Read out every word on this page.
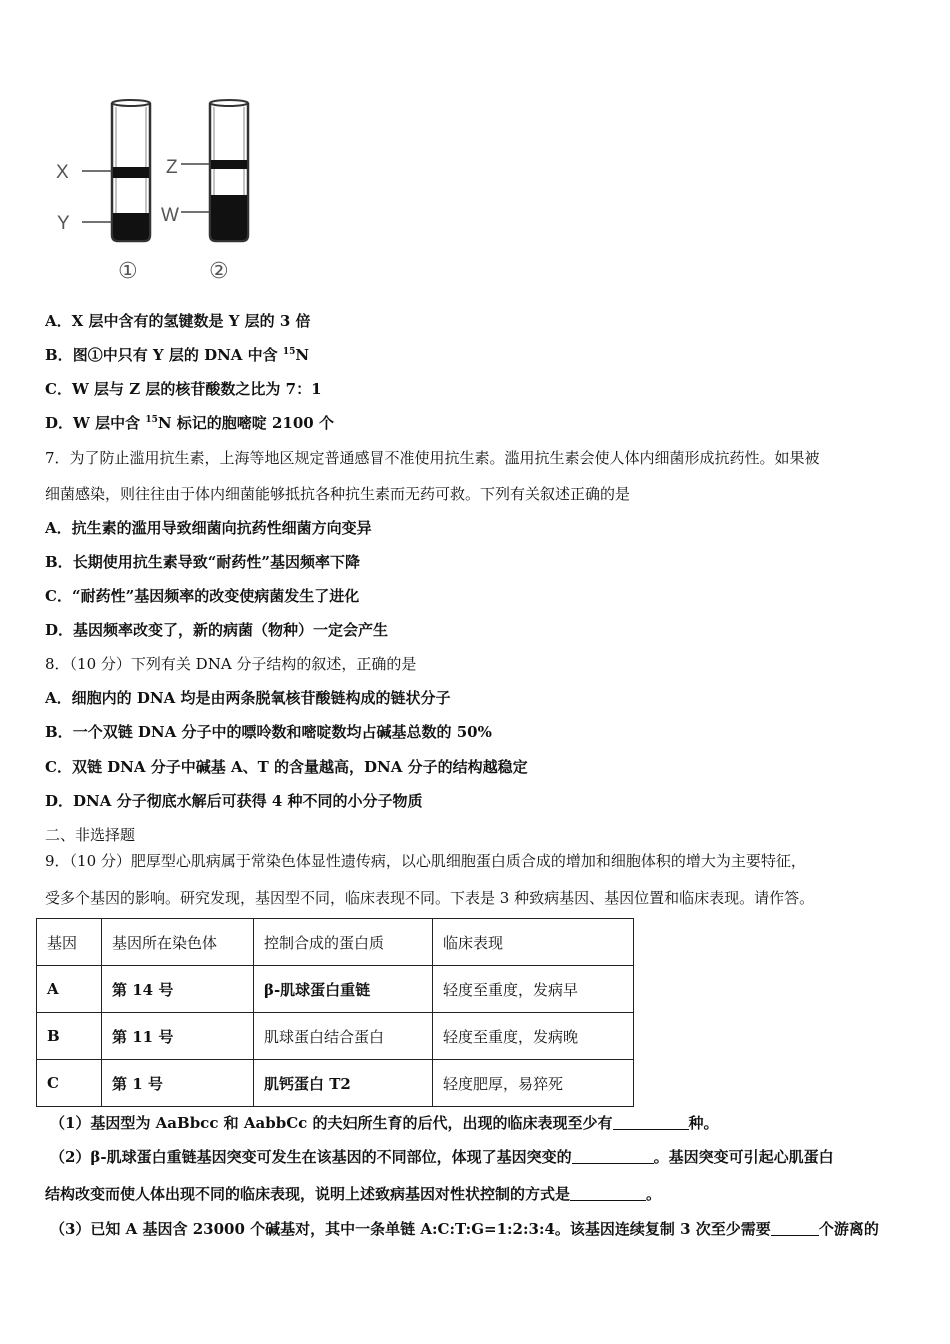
X
Y
Z
W
①	②
A．X 层中含有的氢键数是 Y 层的 3 倍
B．图①中只有 Y 层的 DNA 中含 $^{15}$N
C．W 层与 Z 层的核苷酸数之比为 7：1
D．W 层中含 $^{15}$N 标记的胞嘧啶 2100 个
7．为了防止滥用抗生素，上海等地区规定普通感冒不准使用抗生素。滥用抗生素会使人体内细菌形成抗药性。如果被
细菌感染，则往往由于体内细菌能够抵抗各种抗生素而无药可救。下列有关叙述正确的是
A．抗生素的滥用导致细菌向抗药性细菌方向变异
B．长期使用抗生素导致“耐药性”基因频率下降
C．“耐药性”基因频率的改变使病菌发生了进化
D．基因频率改变了，新的病菌（物种）一定会产生
8．（10 分）下列有关 DNA 分子结构的叙述，正确的是
A．细胞内的 DNA 均是由两条脱氧核苷酸链构成的链状分子
B．一个双链 DNA 分子中的嘌呤数和嘧啶数均占碱基总数的 50%
C．双链 DNA 分子中碱基 A、T 的含量越高，DNA 分子的结构越稳定
D．DNA 分子彻底水解后可获得 4 种不同的小分子物质
二、非选择题
9．（10 分）肥厚型心肌病属于常染色体显性遗传病，以心肌细胞蛋白质合成的增加和细胞体积的增大为主要特征，
受多个基因的影响。研究发现，基因型不同，临床表现不同。下表是 3 种致病基因、基因位置和临床表现。请作答。
基因	基因所在染色体	控制合成的蛋白质	临床表现
A	第 14 号	β-肌球蛋白重链	轻度至重度，发病早
B	第 11 号	肌球蛋白结合蛋白	轻度至重度，发病晚
C	第 1 号	肌钙蛋白 T2	轻度肥厚，易猝死
（1）基因型为 AaBbcc 和 AabbCc 的夫妇所生育的后代，出现的临床表现至少有	种。
（2）β-肌球蛋白重链基因突变可发生在该基因的不同部位，体现了基因突变的	。基因突变可引起心肌蛋白
结构改变而使人体出现不同的临床表现，说明上述致病基因对性状控制的方式是	。
（3）已知 A 基因含 23000 个碱基对，其中一条单链 A:C:T:G=1:2:3:4。该基因连续复制 3 次至少需要	个游离的
